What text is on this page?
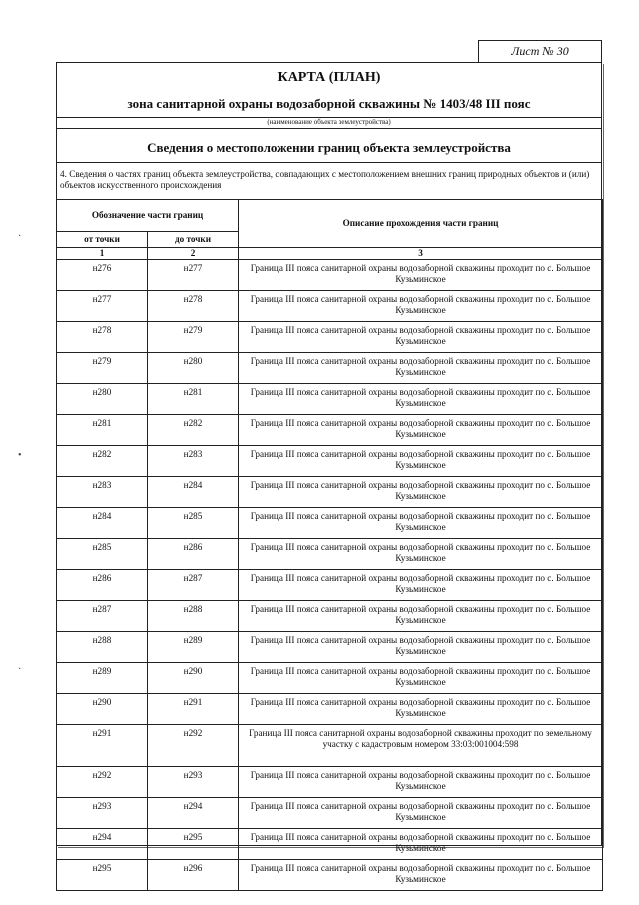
Лист № 30
КАРТА (ПЛАН)
зона санитарной охраны водозаборной скважины № 1403/48 III пояс
(наименование объекта землеустройства)
Сведения о местоположении границ объекта землеустройства
4. Сведения о частях границ объекта землеустройства, совпадающих с местоположением внешних границ природных объектов и (или) объектов искусственного происхождения
Обозначение части границ		Описание прохождения части границ
от точки	до точки	
1	2	3
н276	н277	Граница III пояса санитарной охраны водозаборной скважины проходит по с. Большое Кузьминское
н277	н278	Граница III пояса санитарной охраны водозаборной скважины проходит по с. Большое Кузьминское
н278	н279	Граница III пояса санитарной охраны водозаборной скважины проходит по с. Большое Кузьминское
н279	н280	Граница III пояса санитарной охраны водозаборной скважины проходит по с. Большое Кузьминское
н280	н281	Граница III пояса санитарной охраны водозаборной скважины проходит по с. Большое Кузьминское
н281	н282	Граница III пояса санитарной охраны водозаборной скважины проходит по с. Большое Кузьминское
н282	н283	Граница III пояса санитарной охраны водозаборной скважины проходит по с. Большое Кузьминское
н283	н284	Граница III пояса санитарной охраны водозаборной скважины проходит по с. Большое Кузьминское
н284	н285	Граница III пояса санитарной охраны водозаборной скважины проходит по с. Большое Кузьминское
н285	н286	Граница III пояса санитарной охраны водозаборной скважины проходит по с. Большое Кузьминское
н286	н287	Граница III пояса санитарной охраны водозаборной скважины проходит по с. Большое Кузьминское
н287	н288	Граница III пояса санитарной охраны водозаборной скважины проходит по с. Большое Кузьминское
н288	н289	Граница III пояса санитарной охраны водозаборной скважины проходит по с. Большое Кузьминское
н289	н290	Граница III пояса санитарной охраны водозаборной скважины проходит по с. Большое Кузьминское
н290	н291	Граница III пояса санитарной охраны водозаборной скважины проходит по с. Большое Кузьминское
н291	н292	Граница III пояса санитарной охраны водозаборной скважины проходит по земельному участку с кадастровым номером 33:03:001004:598
н292	н293	Граница III пояса санитарной охраны водозаборной скважины проходит по с. Большое Кузьминское
н293	н294	Граница III пояса санитарной охраны водозаборной скважины проходит по с. Большое Кузьминское
н294	н295	Граница III пояса санитарной охраны водозаборной скважины проходит по с. Большое Кузьминское
н295	н296	Граница III пояса санитарной охраны водозаборной скважины проходит по с. Большое Кузьминское
·
•
·
